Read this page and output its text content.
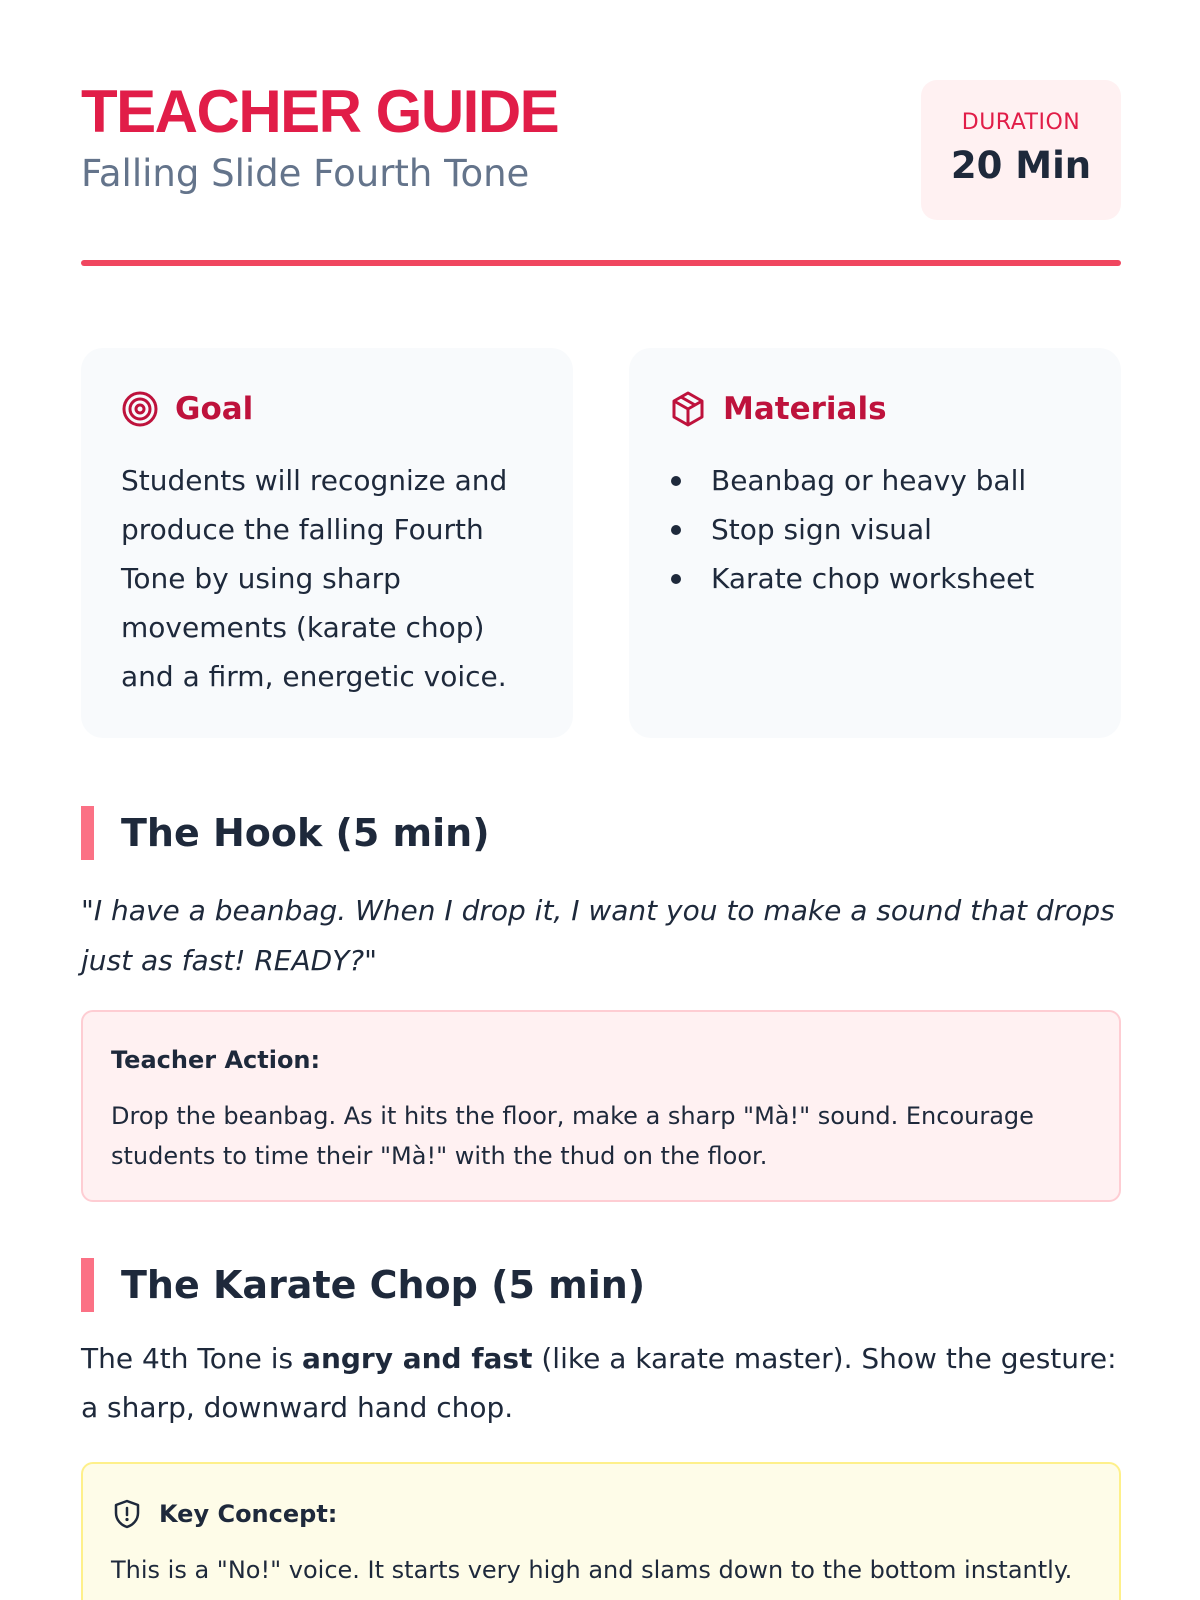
TEACHER GUIDE
Falling Slide Fourth Tone
DURATION
20 Min
Goal
Students will recognize and produce the falling Fourth Tone by using sharp movements (karate chop) and a firm, energetic voice.
Materials
Beanbag or heavy ball
Stop sign visual
Karate chop worksheet
The Hook (5 min)
"I have a beanbag. When I drop it, I want you to make a sound that drops just as fast! READY?"
Teacher Action:
Drop the beanbag. As it hits the floor, make a sharp "Mà!" sound. Encourage students to time their "Mà!" with the thud on the floor.
The Karate Chop (5 min)
The 4th Tone is angry and fast (like a karate master). Show the gesture: a sharp, downward hand chop.
Key Concept:
This is a "No!" voice. It starts very high and slams down to the bottom instantly.
